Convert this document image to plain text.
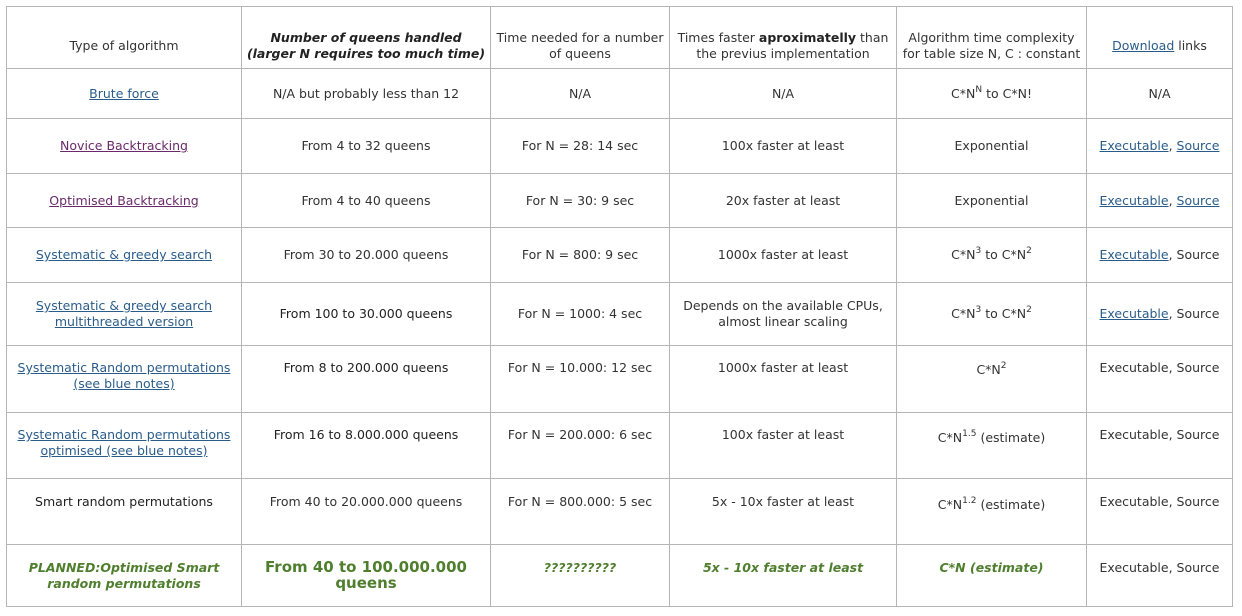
Type of algorithm	Number of queens handled (larger N requires too much time)	Time needed for a number of queens	Times faster aproximatelly than the previus implementation	Algorithm time complexity for table size N, C : constant	Download links
Brute force	N/A but probably less than 12	N/A	N/A	$C*N^N$ to C*N!	N/A
Novice Backtracking	From 4 to 32 queens	For N = 28: 14 sec	100x faster at least	Exponential	Executable, Source
Optimised Backtracking	From 4 to 40 queens	For N = 30: 9 sec	20x faster at least	Exponential	Executable, Source
Systematic & greedy search	From 30 to 20.000 queens	For N = 800: 9 sec	1000x faster at least	$C*N^3$ to $C*N^2$	Executable, Source
Systematic & greedy search multithreaded version	From 100 to 30.000 queens	For N = 1000: 4 sec	Depends on the available CPUs, almost linear scaling	$C*N^3$ to $C*N^2$	Executable, Source
Systematic Random permutations (see blue notes)	From 8 to 200.000 queens	For N = 10.000: 12 sec	1000x faster at least	$C*N^2$	Executable, Source
Systematic Random permutations optimised (see blue notes)	From 16 to 8.000.000 queens	For N = 200.000: 6 sec	100x faster at least	$C*N^{1.5}$ (estimate)	Executable, Source
Smart random permutations	From 40 to 20.000.000 queens	For N = 800.000: 5 sec	5x - 10x faster at least	$C*N^{1.2}$ (estimate)	Executable, Source
PLANNED:Optimised Smart random permutations	From 40 to 100.000.000 queens	??????????	5x - 10x faster at least	C*N (estimate)	Executable, Source
